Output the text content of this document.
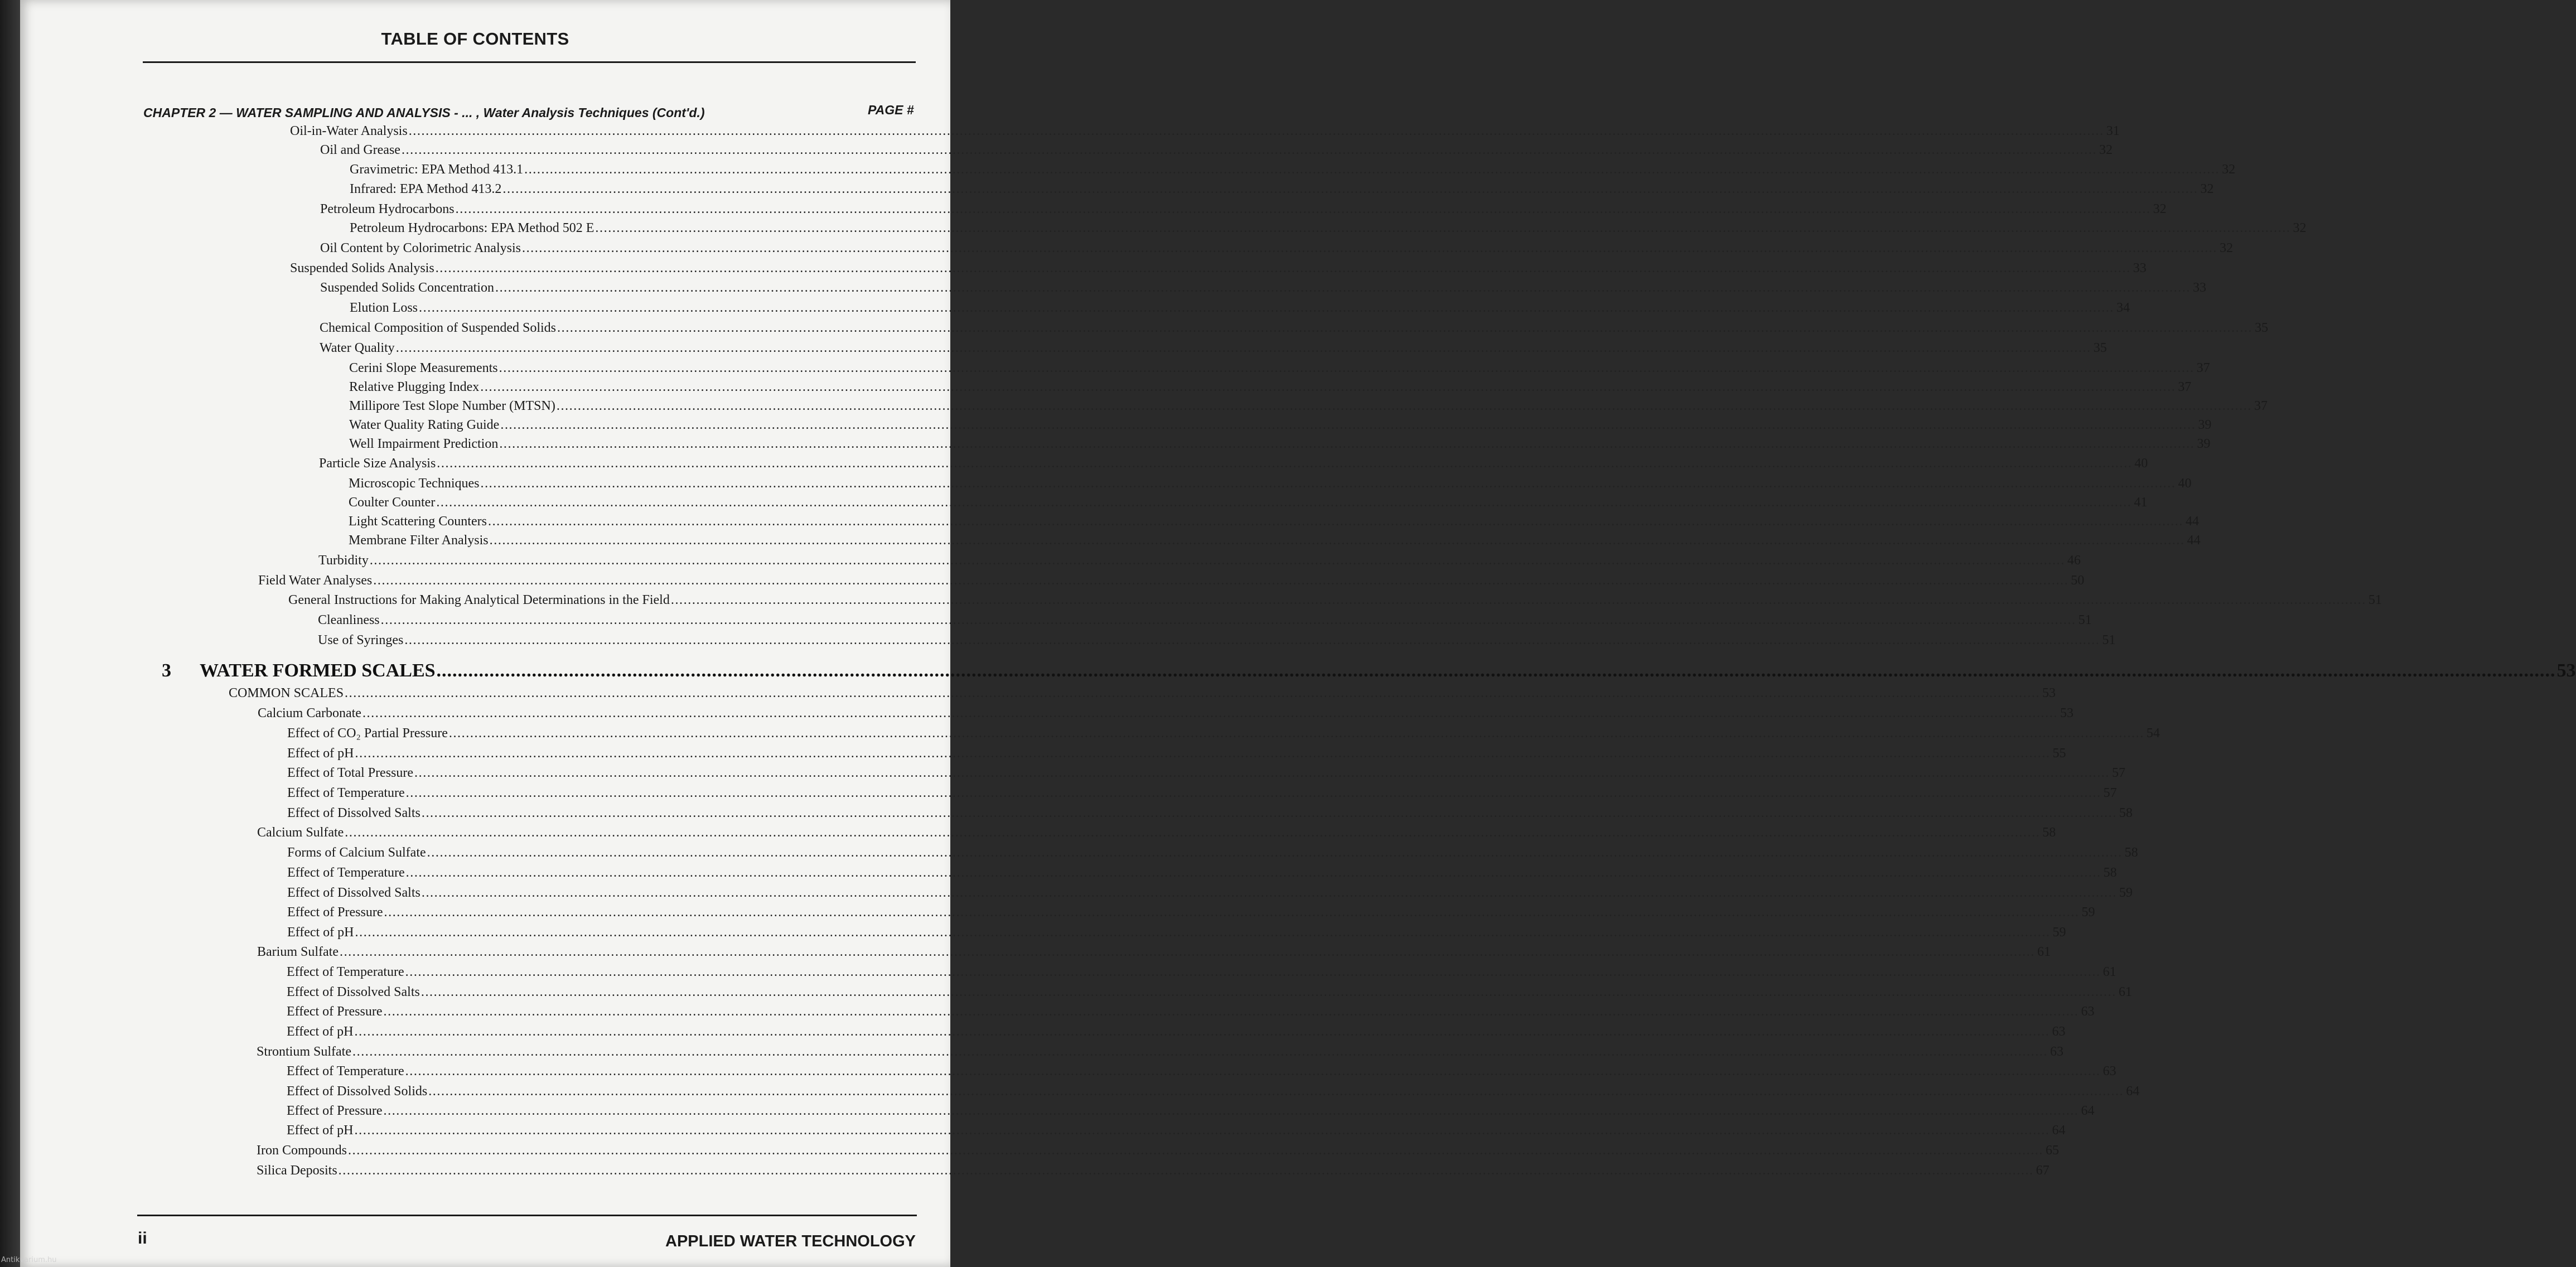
TABLE OF CONTENTS
CHAPTER 2 — WATER SAMPLING AND ANALYSIS - ... , Water Analysis Techniques (Cont'd.)	PAGE #
Oil-in-Water Analysis ................................................................................................................................................................................................................................................................................................................................................................................................................ 31
Oil and Grease ................................................................................................................................................................................................................................................................................................................................................................................................................ 32
Gravimetric: EPA Method 413.1 ................................................................................................................................................................................................................................................................................................................................................................................................................ 32
Infrared: EPA Method 413.2 ................................................................................................................................................................................................................................................................................................................................................................................................................ 32
Petroleum Hydrocarbons ................................................................................................................................................................................................................................................................................................................................................................................................................ 32
Petroleum Hydrocarbons: EPA Method 502 E ................................................................................................................................................................................................................................................................................................................................................................................................................ 32
Oil Content by Colorimetric Analysis ................................................................................................................................................................................................................................................................................................................................................................................................................ 32
Suspended Solids Analysis ................................................................................................................................................................................................................................................................................................................................................................................................................ 33
Suspended Solids Concentration ................................................................................................................................................................................................................................................................................................................................................................................................................ 33
Elution Loss ................................................................................................................................................................................................................................................................................................................................................................................................................ 34
Chemical Composition of Suspended Solids ................................................................................................................................................................................................................................................................................................................................................................................................................ 35
Water Quality ................................................................................................................................................................................................................................................................................................................................................................................................................ 35
Cerini Slope Measurements ................................................................................................................................................................................................................................................................................................................................................................................................................ 37
Relative Plugging Index ................................................................................................................................................................................................................................................................................................................................................................................................................ 37
Millipore Test Slope Number (MTSN) ................................................................................................................................................................................................................................................................................................................................................................................................................ 37
Water Quality Rating Guide ................................................................................................................................................................................................................................................................................................................................................................................................................ 39
Well Impairment Prediction ................................................................................................................................................................................................................................................................................................................................................................................................................ 39
Particle Size Analysis ................................................................................................................................................................................................................................................................................................................................................................................................................ 40
Microscopic Techniques ................................................................................................................................................................................................................................................................................................................................................................................................................ 40
Coulter Counter ................................................................................................................................................................................................................................................................................................................................................................................................................ 41
Light Scattering Counters ................................................................................................................................................................................................................................................................................................................................................................................................................ 44
Membrane Filter Analysis ................................................................................................................................................................................................................................................................................................................................................................................................................ 44
Turbidity ................................................................................................................................................................................................................................................................................................................................................................................................................ 46
Field Water Analyses ................................................................................................................................................................................................................................................................................................................................................................................................................ 50
General Instructions for Making Analytical Determinations in the Field ................................................................................................................................................................................................................................................................................................................................................................................................................ 51
Cleanliness ................................................................................................................................................................................................................................................................................................................................................................................................................ 51
Use of Syringes ................................................................................................................................................................................................................................................................................................................................................................................................................ 51
3	WATER FORMED SCALES ................................................................................................................................................................................................................................................................................................................................................................................................................ 53
COMMON SCALES ................................................................................................................................................................................................................................................................................................................................................................................................................ 53
Calcium Carbonate ................................................................................................................................................................................................................................................................................................................................................................................................................ 53
Effect of CO₂ Partial Pressure ................................................................................................................................................................................................................................................................................................................................................................................................................ 54
Effect of pH ................................................................................................................................................................................................................................................................................................................................................................................................................ 55
Effect of Total Pressure ................................................................................................................................................................................................................................................................................................................................................................................................................ 57
Effect of Temperature ................................................................................................................................................................................................................................................................................................................................................................................................................ 57
Effect of Dissolved Salts ................................................................................................................................................................................................................................................................................................................................................................................................................ 58
Calcium Sulfate ................................................................................................................................................................................................................................................................................................................................................................................................................ 58
Forms of Calcium Sulfate ................................................................................................................................................................................................................................................................................................................................................................................................................ 58
Effect of Temperature ................................................................................................................................................................................................................................................................................................................................................................................................................ 58
Effect of Dissolved Salts ................................................................................................................................................................................................................................................................................................................................................................................................................ 59
Effect of Pressure ................................................................................................................................................................................................................................................................................................................................................................................................................ 59
Effect of pH ................................................................................................................................................................................................................................................................................................................................................................................................................ 59
Barium Sulfate ................................................................................................................................................................................................................................................................................................................................................................................................................ 61
Effect of Temperature ................................................................................................................................................................................................................................................................................................................................................................................................................ 61
Effect of Dissolved Salts ................................................................................................................................................................................................................................................................................................................................................................................................................ 61
Effect of Pressure ................................................................................................................................................................................................................................................................................................................................................................................................................ 63
Effect of pH ................................................................................................................................................................................................................................................................................................................................................................................................................ 63
Strontium Sulfate ................................................................................................................................................................................................................................................................................................................................................................................................................ 63
Effect of Temperature ................................................................................................................................................................................................................................................................................................................................................................................................................ 63
Effect of Dissolved Solids ................................................................................................................................................................................................................................................................................................................................................................................................................ 64
Effect of Pressure ................................................................................................................................................................................................................................................................................................................................................................................................................ 64
Effect of pH ................................................................................................................................................................................................................................................................................................................................................................................................................ 64
Iron Compounds ................................................................................................................................................................................................................................................................................................................................................................................................................ 65
Silica Deposits ................................................................................................................................................................................................................................................................................................................................................................................................................ 67
ii	APPLIED WATER TECHNOLOGY
Antikvarium.hu
